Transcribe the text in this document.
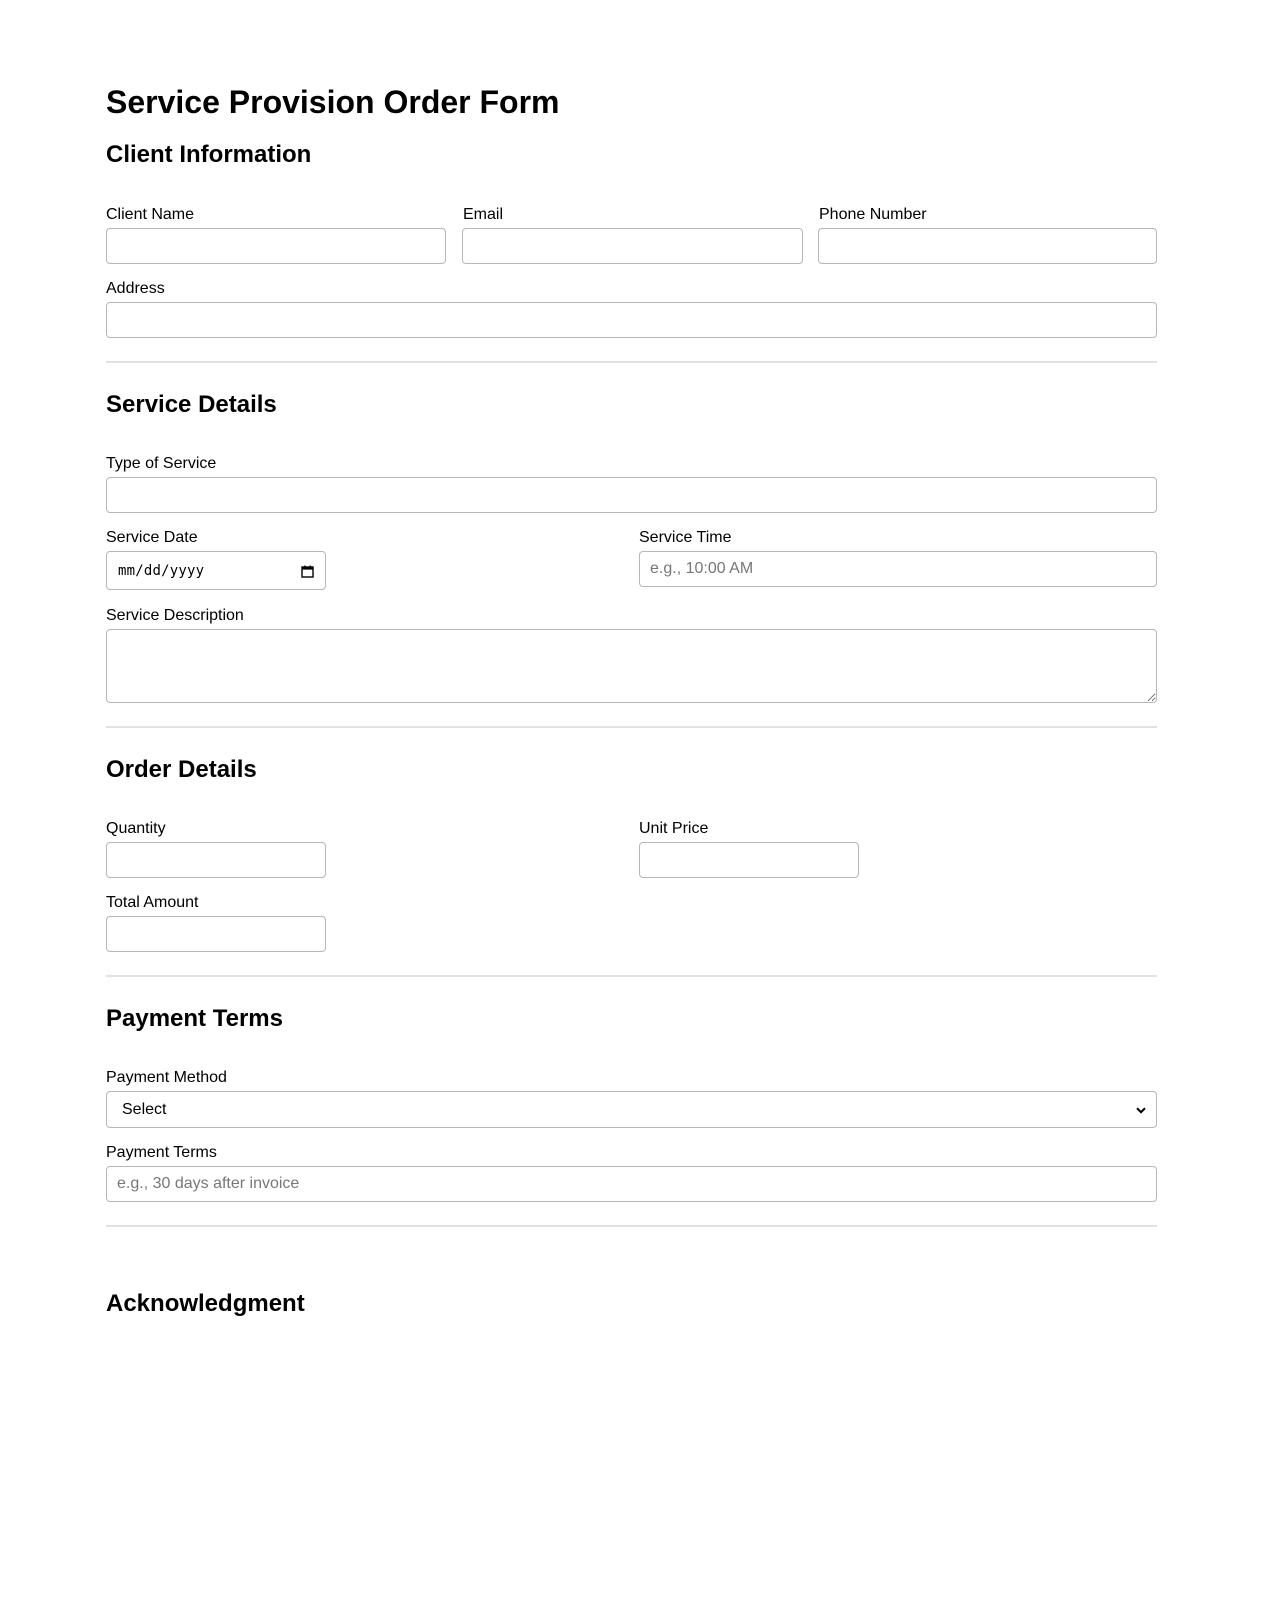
Service Provision Order Form
Client Information
Client Name	Email	Phone Number
Address
Service Details
Type of Service
Service Date
mm/dd/yyyy
Service Time
e.g., 10:00 AM
Service Description
Order Details
Quantity	Unit Price
Total Amount
Payment Terms
Payment Method
Select
Payment Terms
e.g., 30 days after invoice
Acknowledgment
